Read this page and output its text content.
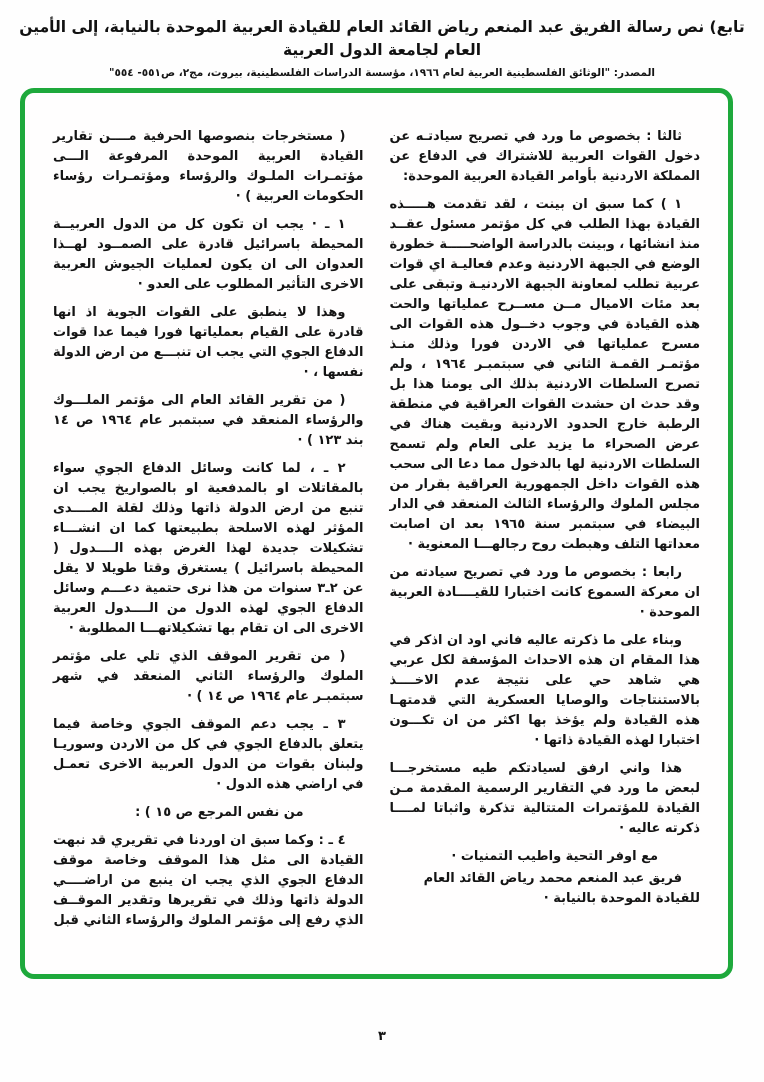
تابع) نص رسالة الفريق عبد المنعم رياض القائد العام للقيادة العربية الموحدة بالنيابة، إلى الأمين العام لجامعة الدول العربية
المصدر: "الوثائق الفلسطينية العربية لعام ١٩٦٦، مؤسسة الدراسات الفلسطينية، بيروت، مج٢، ص٥٥١- ٥٥٤"

ثالثا : بخصوص ما ورد في تصريح سيادتـه عن دخول القوات العربية للاشتراك في الدفاع عن المملكة الاردنية بأوامر القيادة العربية الموحدة:

١ ) كما سبق ان بينت ، لقد تقدمت هـــــذه القيادة بهذا الطلب في كل مؤتمر مسئول عقــد منذ انشائها ، وبينت بالدراسة الواضحـــــة خطورة الوضع في الجبهة الاردنية وعدم فعاليـة اي قوات عربية تطلب لمعاونة الجبهة الاردنيـة وتبقى على بعد مئات الاميال مــن مســرح عملياتها والحت هذه القيادة في وجوب دخــول هذه القوات الى مسرح عملياتها في الاردن فورا وذلك منـذ مؤتمـر القمـة الثاني في سبتمبـر ١٩٦٤ ، ولم تصرح السلطات الاردنية بذلك الى يومنا هذا بل وقد حدث ان حشدت القوات العراقية في منطقة الرطبة خارج الحدود الاردنية وبقيت هناك في عرض الصحراء ما يزيد على العام ولم تسمح السلطات الاردنية لها بالدخول مما دعا الى سحب هذه القوات داخل الجمهورية العراقية بقرار من مجلس الملوك والرؤساء الثالث المنعقد في الدار البيضاء في سبتمبر سنة ١٩٦٥ بعد ان اصابت معداتها التلف وهبطت روح رجالهـــا المعنوية ·

رابعا : بخصوص ما ورد في تصريح سيادته من ان معركة السموع كانت اختبارا للقيــــادة العربية الموحدة ·

وبناء على ما ذكرته عاليه فاني اود ان اذكر في هذا المقام ان هذه الاحداث المؤسفة لكل عربي هي شاهد حي على نتيجة عدم الاخــــذ بالاستنتاجات والوصايا العسكرية التي قدمتهـا هذه القيادة ولم يؤخذ بها اكثر من ان تكـــون اختبارا لهذه القيادة ذاتها ·

هذا واني ارفق لسيادتكم طيه مستخرجـــا لبعض ما ورد في التقارير الرسمية المقدمة مـن القيادة للمؤتمرات المتتالية تذكرة واثباتا لمــــا ذكرته عاليه ·

مع اوفر التحية واطيب التمنيات ·

فريق عبد المنعم محمد رياض القائد العام للقيادة الموحدة بالنيابة ·

( مستخرجات بنصوصها الحرفية مــــن تقارير القيادة العربية الموحدة المرفوعة الـــى مؤتمـرات الملـوك والرؤساء ومؤتمـرات رؤساء الحكومات العربية ) ·

١ ـ · يجب ان تكون كل من الدول العربيــة المحيطة باسرائيل قادرة على الصمــود لهــذا العدوان الى ان يكون لعمليات الجيوش العربية الاخرى التأثير المطلوب على العدو ·

وهذا لا ينطبق على القوات الجوية اذ انها قادرة على القيام بعملياتها فورا فيما عدا قوات الدفاع الجوي التي يجب ان تنبـــع من ارض الدولة نفسها ، ·

( من تقرير القائد العام الى مؤتمر الملـــوك والرؤساء المنعقد في سبتمبر عام ١٩٦٤ ص ١٤ بند ١٢٣ ) ·

٢ ـ ، لما كانت وسائل الدفاع الجوي سواء بالمقاتلات او بالمدفعية او بالصواريخ يجب ان تنبع من ارض الدولة ذاتها وذلك لقلة المــــدى المؤثر لهذه الاسلحة بطبيعتها كما ان انشـــاء تشكيلات جديدة لهذا الغرض بهذه الــــدول ( المحيطة باسرائيل ) يستغرق وقتا طويلا لا يقل عن ٢ـ٣ سنوات من هذا نرى حتمية دعـــم وسائل الدفاع الجوي لهذه الدول من الــــدول العربية الاخرى الى ان تقام بها تشكيلاتهـــا المطلوبة ·

( من تقرير الموقف الذي تلي على مؤتمر الملوك والرؤساء الثاني المنعقد في شهر سبتمبـر عام ١٩٦٤ ص ١٤ ) ·

٣ ـ يجب دعم الموقف الجوي وخاصة فيما يتعلق بالدفاع الجوي في كل من الاردن وسوريـا ولبنان بقوات من الدول العربية الاخرى تعمـل في اراضي هذه الدول ·

من نفس المرجع ص ١٥ ) :

٤ ـ : وكما سبق ان اوردنا في تقريري قد نبهت القيادة الى مثل هذا الموقف وخاصة موقف الدفاع الجوي الذي يجب ان ينبع من اراضــــي الدولة ذاتها وذلك في تقريرها وتقدير الموقــف الذي رفع إلى مؤتمر الملوك والرؤساء الثاني قبل

٣
